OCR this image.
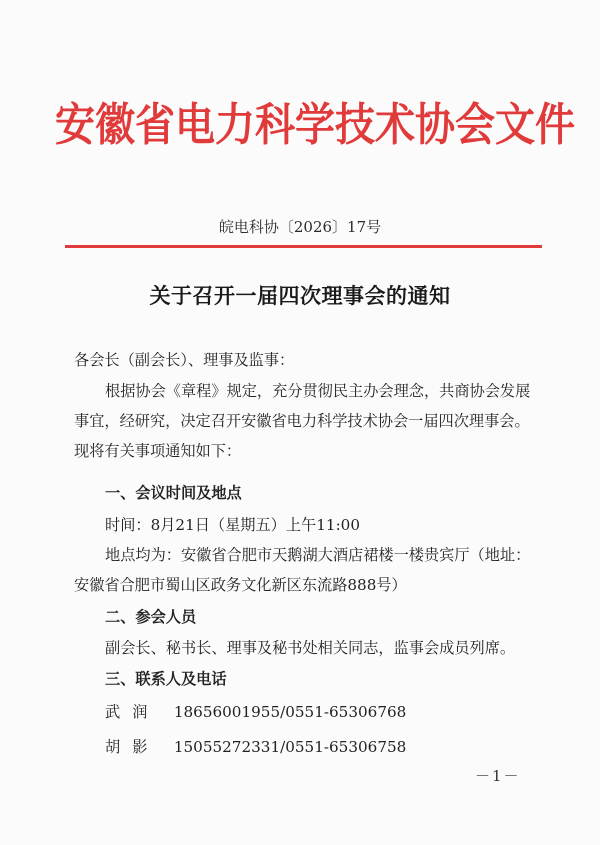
安徽省电力科学技术协会文件
皖电科协〔2026〕17号
关于召开一届四次理事会的通知
各会长（副会长）、理事及监事：

根据协会《章程》规定，充分贯彻民主办会理念，共商协会发展事宜，经研究，决定召开安徽省电力科学技术协会一届四次理事会。现将有关事项通知如下：

一、会议时间及地点

时间：8月21日（星期五）上午11:00

地点均为：安徽省合肥市天鹅湖大酒店裙楼一楼贵宾厅（地址：安徽省合肥市蜀山区政务文化新区东流路888号）

二、参会人员

副会长、秘书长、理事及秘书处相关同志，监事会成员列席。

三、联系人及电话

武润 18656001955/0551-65306768

胡影 15055272331/0551-65306758

－1－
